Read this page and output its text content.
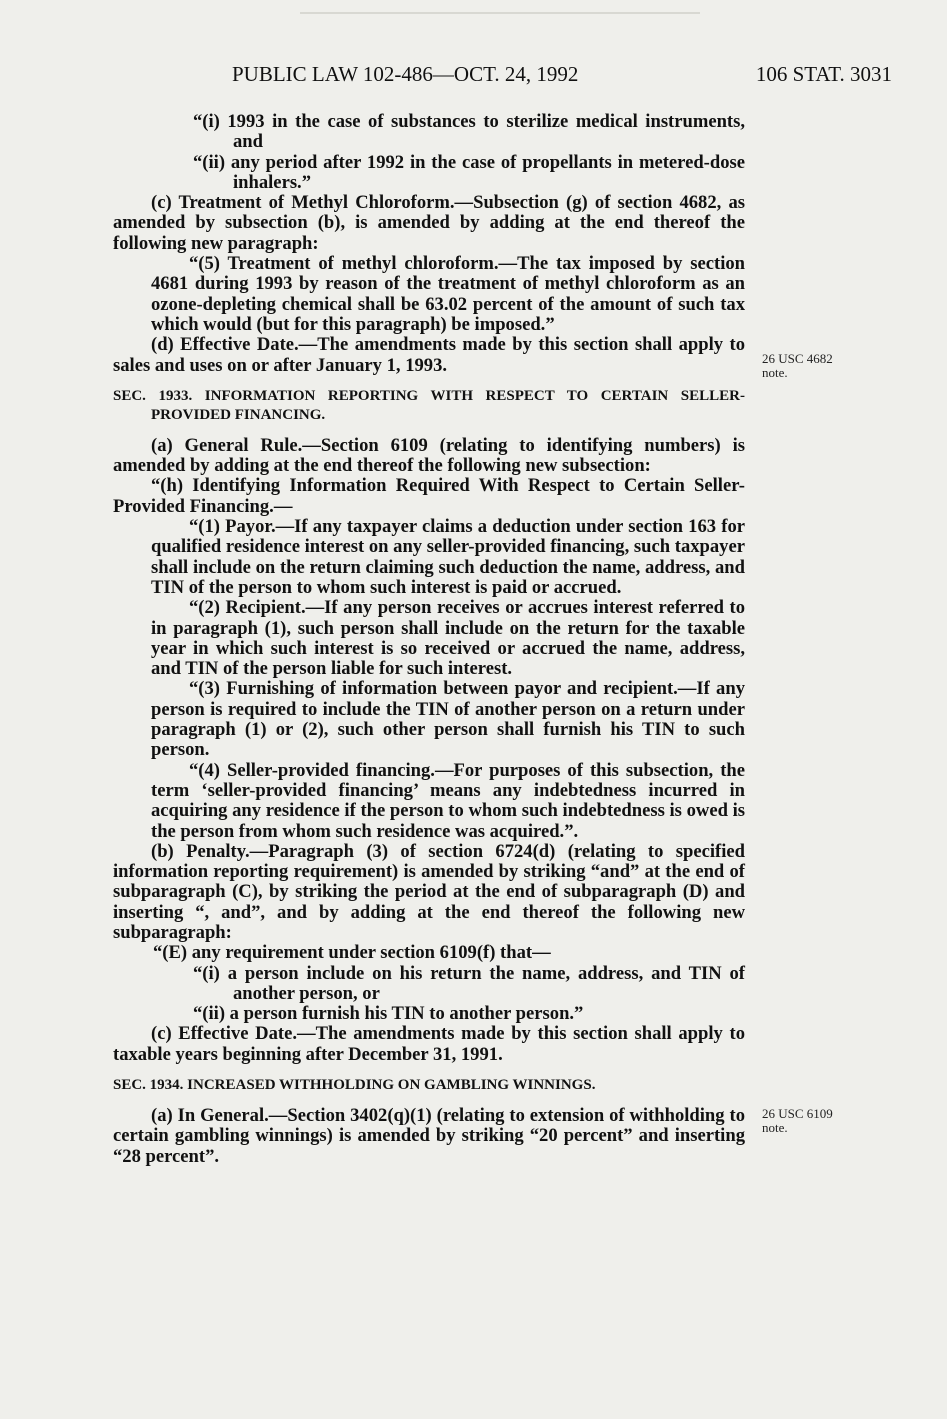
PUBLIC LAW 102-486—OCT. 24, 1992	106 STAT. 3031
26 USC 4682
note.
26 USC 6109
note.

“(i) 1993 in the case of substances to sterilize medical instruments, and

“(ii) any period after 1992 in the case of propellants in metered-dose inhalers.”

(c) Treatment of Methyl Chloroform.—Subsection (g) of section 4682, as amended by subsection (b), is amended by adding at the end thereof the following new paragraph:

“(5) Treatment of methyl chloroform.—The tax imposed by section 4681 during 1993 by reason of the treatment of methyl chloroform as an ozone-depleting chemical shall be 63.02 percent of the amount of such tax which would (but for this paragraph) be imposed.”

(d) Effective Date.—The amendments made by this section shall apply to sales and uses on or after January 1, 1993.

SEC. 1933. INFORMATION REPORTING WITH RESPECT TO CERTAIN SELLER-PROVIDED FINANCING.

(a) General Rule.—Section 6109 (relating to identifying numbers) is amended by adding at the end thereof the following new subsection:

“(h) Identifying Information Required With Respect to Certain Seller-Provided Financing.—

“(1) Payor.—If any taxpayer claims a deduction under section 163 for qualified residence interest on any seller-provided financing, such taxpayer shall include on the return claiming such deduction the name, address, and TIN of the person to whom such interest is paid or accrued.

“(2) Recipient.—If any person receives or accrues interest referred to in paragraph (1), such person shall include on the return for the taxable year in which such interest is so received or accrued the name, address, and TIN of the person liable for such interest.

“(3) Furnishing of information between payor and recipient.—If any person is required to include the TIN of another person on a return under paragraph (1) or (2), such other person shall furnish his TIN to such person.

“(4) Seller-provided financing.—For purposes of this subsection, the term ‘seller-provided financing’ means any indebtedness incurred in acquiring any residence if the person to whom such indebtedness is owed is the person from whom such residence was acquired.”.

(b) Penalty.—Paragraph (3) of section 6724(d) (relating to specified information reporting requirement) is amended by striking “and” at the end of subparagraph (C), by striking the period at the end of subparagraph (D) and inserting “, and”, and by adding at the end thereof the following new subparagraph:

“(E) any requirement under section 6109(f) that—

“(i) a person include on his return the name, address, and TIN of another person, or

“(ii) a person furnish his TIN to another person.”

(c) Effective Date.—The amendments made by this section shall apply to taxable years beginning after December 31, 1991.

SEC. 1934. INCREASED WITHHOLDING ON GAMBLING WINNINGS.

(a) In General.—Section 3402(q)(1) (relating to extension of withholding to certain gambling winnings) is amended by striking “20 percent” and inserting “28 percent”.
